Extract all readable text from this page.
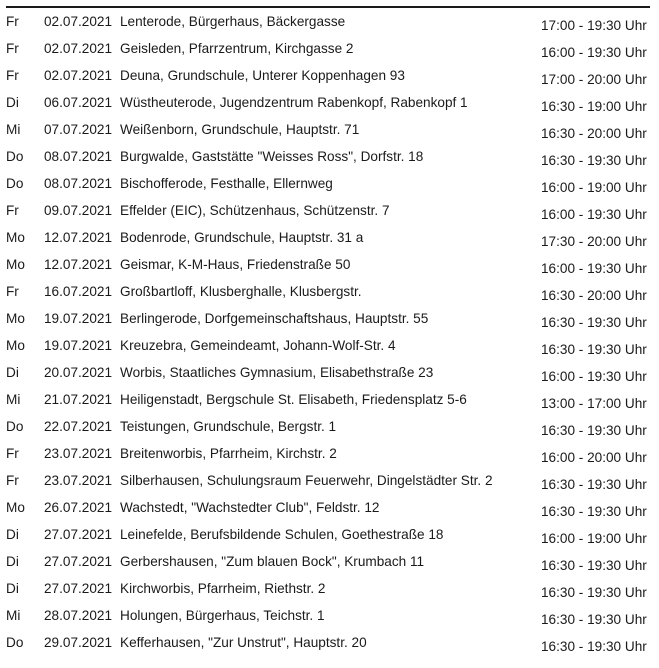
Fr 02.07.2021 Lenterode, Bürgerhaus, Bäckergasse	17:00 - 19:30 Uhr
Fr 02.07.2021 Geisleden, Pfarrzentrum, Kirchgasse 2	16:00 - 19:30 Uhr
Fr 02.07.2021 Deuna, Grundschule, Unterer Koppenhagen 93	17:00 - 20:00 Uhr
Di 06.07.2021 Wüstheuterode, Jugendzentrum Rabenkopf, Rabenkopf 1	16:30 - 19:00 Uhr
Mi 07.07.2021 Weißenborn, Grundschule, Hauptstr. 71	16:30 - 20:00 Uhr
Do 08.07.2021 Burgwalde, Gaststätte "Weisses Ross", Dorfstr. 18	16:30 - 19:30 Uhr
Do 08.07.2021 Bischofferode, Festhalle, Ellernweg	16:00 - 19:00 Uhr
Fr 09.07.2021 Effelder (EIC), Schützenhaus, Schützenstr. 7	16:00 - 19:30 Uhr
Mo 12.07.2021 Bodenrode, Grundschule, Hauptstr. 31 a	17:30 - 20:00 Uhr
Mo 12.07.2021 Geismar, K-M-Haus, Friedenstraße 50	16:00 - 19:30 Uhr
Fr 16.07.2021 Großbartloff, Klusberghalle, Klusbergstr.	16:30 - 20:00 Uhr
Mo 19.07.2021 Berlingerode, Dorfgemeinschaftshaus, Hauptstr. 55	16:30 - 19:30 Uhr
Mo 19.07.2021 Kreuzebra, Gemeindeamt, Johann-Wolf-Str. 4	16:30 - 19:30 Uhr
Di 20.07.2021 Worbis, Staatliches Gymnasium, Elisabethstraße 23	16:00 - 19:30 Uhr
Mi 21.07.2021 Heiligenstadt, Bergschule St. Elisabeth, Friedensplatz 5-6	13:00 - 17:00 Uhr
Do 22.07.2021 Teistungen, Grundschule, Bergstr. 1	16:30 - 19:30 Uhr
Fr 23.07.2021 Breitenworbis, Pfarrheim, Kirchstr. 2	16:00 - 20:00 Uhr
Fr 23.07.2021 Silberhausen, Schulungsraum Feuerwehr, Dingelstädter Str. 2	16:30 - 19:30 Uhr
Mo 26.07.2021 Wachstedt, "Wachstedter Club", Feldstr. 12	16:30 - 19:30 Uhr
Di 27.07.2021 Leinefelde, Berufsbildende Schulen, Goethestraße 18	16:00 - 19:00 Uhr
Di 27.07.2021 Gerbershausen, "Zum blauen Bock", Krumbach 11	16:30 - 19:30 Uhr
Di 27.07.2021 Kirchworbis, Pfarrheim, Riethstr. 2	16:30 - 19:30 Uhr
Mi 28.07.2021 Holungen, Bürgerhaus, Teichstr. 1	16:30 - 19:30 Uhr
Do 29.07.2021 Kefferhausen, "Zur Unstrut", Hauptstr. 20	16:30 - 19:30 Uhr
